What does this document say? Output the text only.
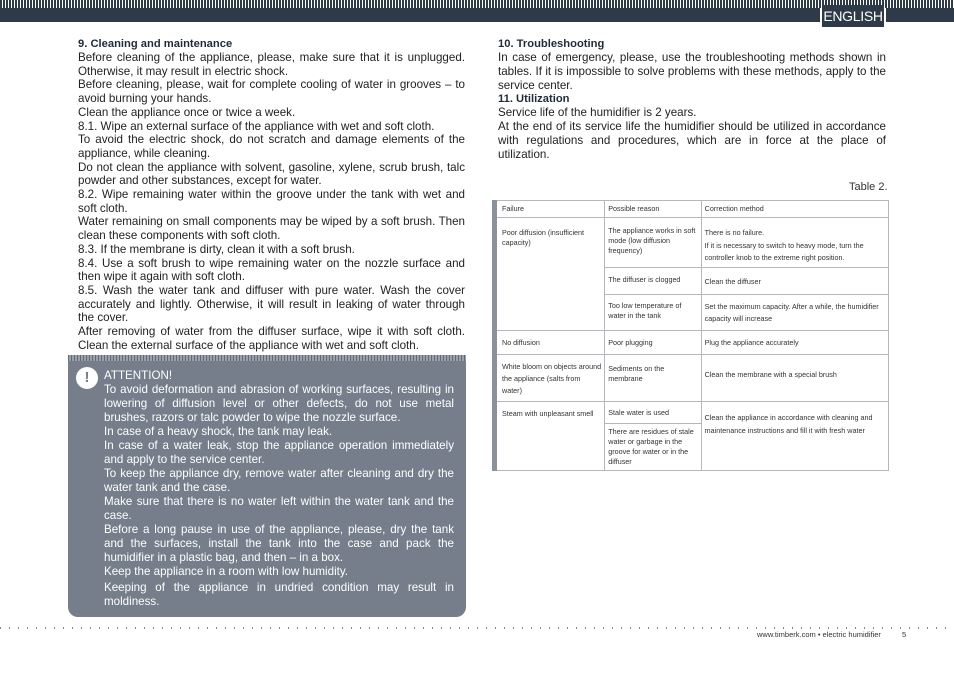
ENGLISH
9. Cleaning and maintenance

Before cleaning of the appliance, please, make sure that it is unplugged. Otherwise, it may result in electric shock.

Before cleaning, please, wait for complete cooling of water in grooves – to avoid burning your hands.

Clean the appliance once or twice a week.

8.1. Wipe an external surface of the appliance with wet and soft cloth.

To avoid the electric shock, do not scratch and damage elements of the appliance, while cleaning.

Do not clean the appliance with solvent, gasoline, xylene, scrub brush, talc powder and other substances, except for water.

8.2. Wipe remaining water within the groove under the tank with wet and soft cloth.

Water remaining on small components may be wiped by a soft brush. Then clean these components with soft cloth.

8.3. If the membrane is dirty, clean it with a soft brush.

8.4. Use a soft brush to wipe remaining water on the nozzle surface and then wipe it again with soft cloth.

8.5. Wash the water tank and diffuser with pure water. Wash the cover accurately and lightly. Otherwise, it will result in leaking of water through the cover.

After removing of water from the diffuser surface, wipe it with soft cloth. Clean the external surface of the appliance with wet and soft cloth.

!	ATTENTION!

To avoid deformation and abrasion of working surfaces, resulting in lowering of diffusion level or other defects, do not use metal brushes, razors or talc powder to wipe the nozzle surface.

In case of a heavy shock, the tank may leak.

In case of a water leak, stop the appliance operation immediately and apply to the service center.

To keep the appliance dry, remove water after cleaning and dry the water tank and the case.

Make sure that there is no water left within the water tank and the case.

Before a long pause in use of the appliance, please, dry the tank and the surfaces, install the tank into the case and pack the humidifier in a plastic bag, and then – in a box.

Keep the appliance in a room with low humidity.

Keeping of the appliance in undried condition may result in moldiness.

10. Troubleshooting

In case of emergency, please, use the troubleshooting methods shown in tables. If it is impossible to solve problems with these methods, apply to the service center.

11. Utilization

Service life of the humidifier is 2 years.

At the end of its service life the humidifier should be utilized in accordance with regulations and procedures, which are in force at the place of utilization.

Table 2.
Failure	Possible reason	Correction method
Poor diffusion (insufficient capacity)	The appliance works in soft mode (low diffusion frequency)	There is no failure.
If it is necessary to switch to heavy mode, turn the controller knob to the extreme right position.

	The diffuser is clogged	Clean the diffuser
	Too low temperature of water in the tank	Set the maximum capacity. After a while, the humidifier capacity will increase
No diffusion	Poor plugging	Plug the appliance accurately
White bloom on objects around the appliance (salts from water)	Sediments on the membrane	Clean the membrane with a special brush
Steam with unpleasant smell	Stale water is used	Clean the appliance in accordance with cleaning and maintenance instructions and fill it with fresh water
	There are residues of stale water or garbage in the groove for water or in the diffuser	
www.timberk.com • electric humidifier	5
